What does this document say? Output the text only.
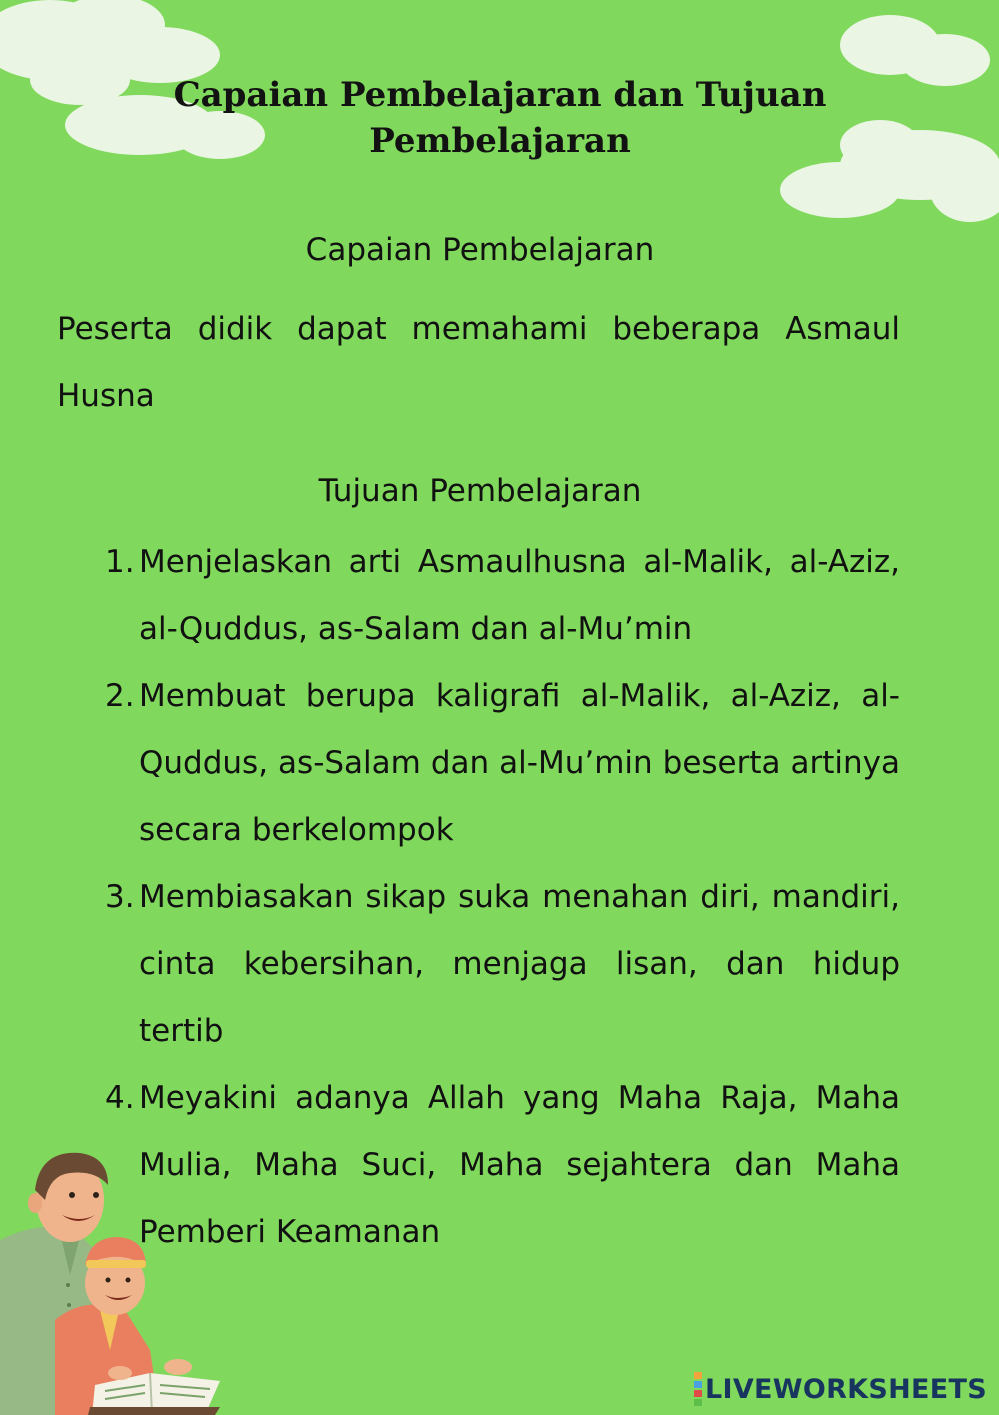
Capaian Pembelajaran dan Tujuan Pembelajaran
Capaian Pembelajaran
Peserta didik dapat memahami beberapa Asmaul Husna
Tujuan Pembelajaran
1. Menjelaskan arti Asmaulhusna al-Malik, al-Aziz, al-Quddus, as-Salam dan al-Mu’min
2. Membuat berupa kaligrafi al-Malik, al-Aziz, al-Quddus, as-Salam dan al-Mu’min beserta artinya secara berkelompok
3. Membiasakan sikap suka menahan diri, mandiri, cinta kebersihan, menjaga lisan, dan hidup tertib
4. Meyakini adanya Allah yang Maha Raja, Maha Mulia, Maha Suci, Maha sejahtera dan Maha Pemberi Keamanan
LIVEWORKSHEETS
